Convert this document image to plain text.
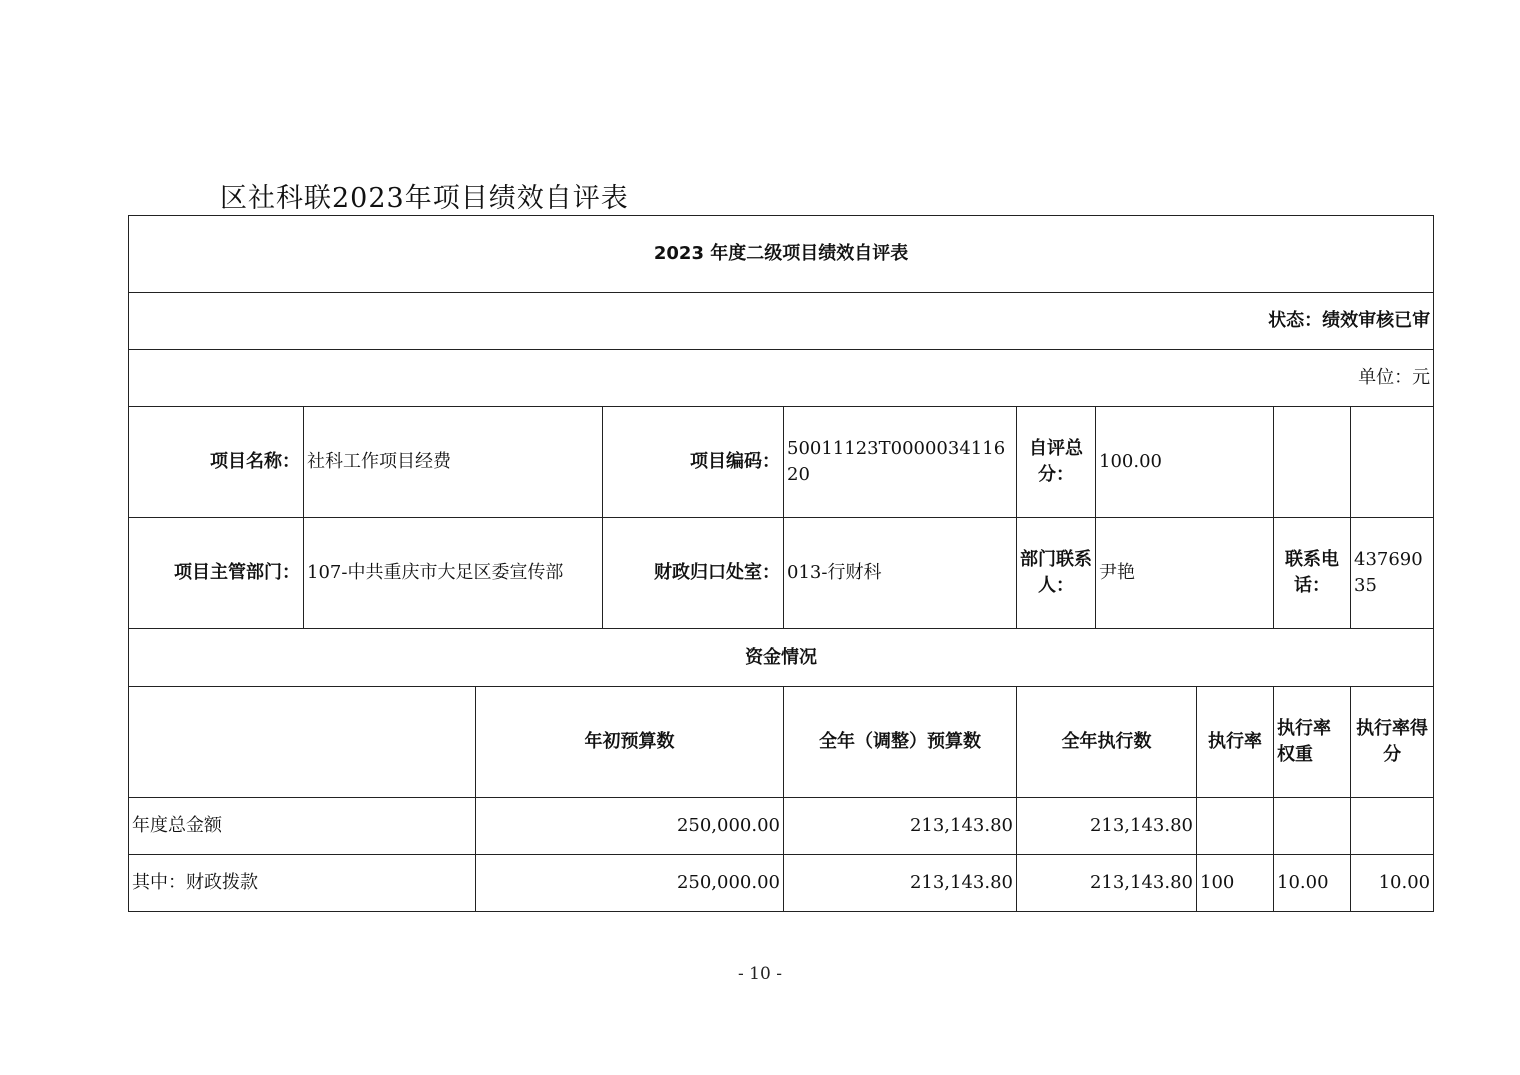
区社科联2023年项目绩效自评表
2023 年度二级项目绩效自评表									
状态：绩效审核已审									
单位：元									
项目名称：	社科工作项目经费		项目编码：	50011123T000003411620	自评总分：	100.00			
项目主管部门：	107-中共重庆市大足区委宣传部		财政归口处室：	013-行财科	部门联系人：	尹艳		联系电话：	43769035
资金情况									
		年初预算数		全年（调整）预算数	全年执行数		执行率	执行率权重	执行率得分
年度总金额		250,000.00		213,143.80	213,143.80				
其中：财政拨款		250,000.00		213,143.80	213,143.80		100	10.00	10.00
- 10 -
